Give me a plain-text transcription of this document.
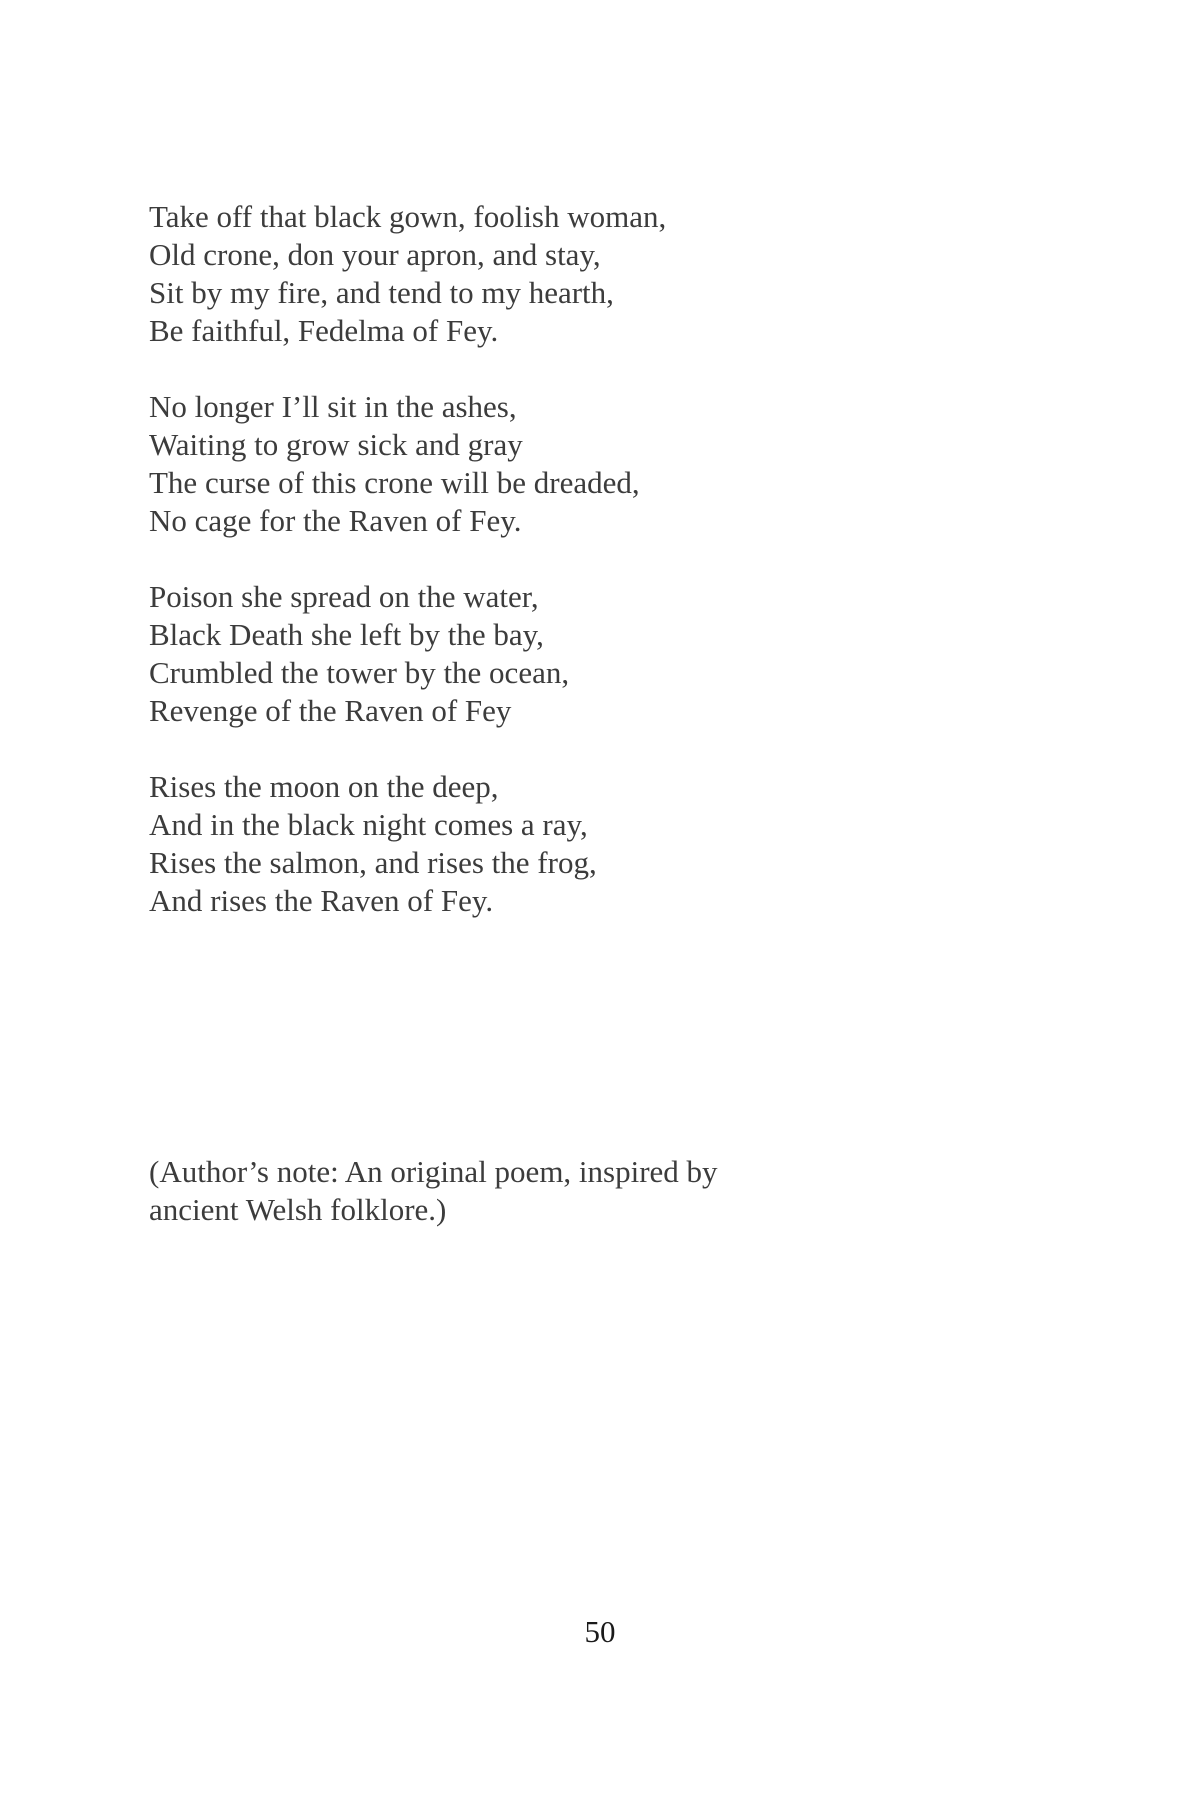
Take off that black gown, foolish woman,
Old crone, don your apron, and stay,
Sit by my fire, and tend to my hearth,
Be faithful, Fedelma of Fey.
No longer I’ll sit in the ashes,
Waiting to grow sick and gray
The curse of this crone will be dreaded,
No cage for the Raven of Fey.
Poison she spread on the water,
Black Death she left by the bay,
Crumbled the tower by the ocean,
Revenge of the Raven of Fey
Rises the moon on the deep,
And in the black night comes a ray,
Rises the salmon, and rises the frog,
And rises the Raven of Fey.
(Author’s note: An original poem, inspired by
ancient Welsh folklore.)
50
